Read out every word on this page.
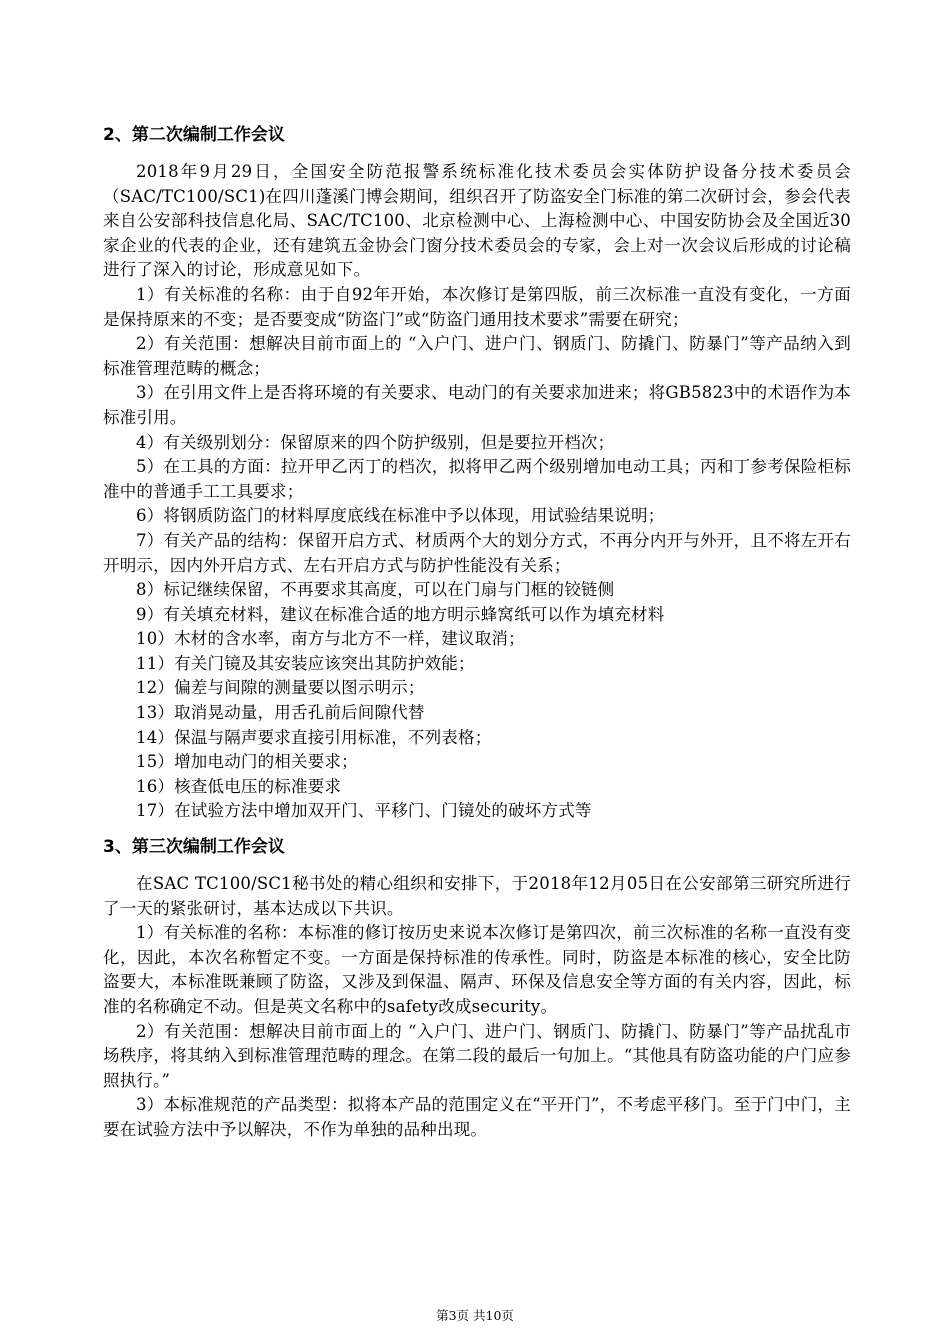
2、第二次编制工作会议

2018年9月29日，全国安全防范报警系统标准化技术委员会实体防护设备分技术委员会（SAC/TC100/SC1)在四川蓬溪门博会期间，组织召开了防盗安全门标准的第二次研讨会，参会代表来自公安部科技信息化局、SAC/TC100、北京检测中心、上海检测中心、中国安防协会及全国近30家企业的代表的企业，还有建筑五金协会门窗分技术委员会的专家，会上对一次会议后形成的讨论稿进行了深入的讨论，形成意见如下。

1）有关标准的名称：由于自92年开始，本次修订是第四版，前三次标准一直没有变化，一方面是保持原来的不变；是否要变成“防盗门”或“防盗门通用技术要求”需要在研究；

2）有关范围：想解决目前市面上的 “入户门、进户门、钢质门、防撬门、防暴门”等产品纳入到标准管理范畴的概念；

3）在引用文件上是否将环境的有关要求、电动门的有关要求加进来；将GB5823中的术语作为本标准引用。

4）有关级别划分：保留原来的四个防护级别，但是要拉开档次；

5）在工具的方面：拉开甲乙丙丁的档次，拟将甲乙两个级别增加电动工具；丙和丁参考保险柜标准中的普通手工工具要求；

6）将钢质防盗门的材料厚度底线在标准中予以体现，用试验结果说明；

7）有关产品的结构：保留开启方式、材质两个大的划分方式，不再分内开与外开，且不将左开右开明示，因内外开启方式、左右开启方式与防护性能没有关系；

8）标记继续保留，不再要求其高度，可以在门扇与门框的铰链侧

9）有关填充材料，建议在标准合适的地方明示蜂窝纸可以作为填充材料

10）木材的含水率，南方与北方不一样，建议取消；

11）有关门镜及其安装应该突出其防护效能；

12）偏差与间隙的测量要以图示明示；

13）取消晃动量，用舌孔前后间隙代替

14）保温与隔声要求直接引用标准，不列表格；

15）增加电动门的相关要求；

16）核查低电压的标准要求

17）在试验方法中增加双开门、平移门、门镜处的破坏方式等

3、第三次编制工作会议

在SAC TC100/SC1秘书处的精心组织和安排下，于2018年12月05日在公安部第三研究所进行了一天的紧张研讨，基本达成以下共识。

1）有关标准的名称：本标准的修订按历史来说本次修订是第四次，前三次标准的名称一直没有变化，因此，本次名称暂定不变。一方面是保持标准的传承性。同时，防盗是本标准的核心，安全比防盗要大，本标准既兼顾了防盗，又涉及到保温、隔声、环保及信息安全等方面的有关内容，因此，标准的名称确定不动。但是英文名称中的safety改成security。

2）有关范围：想解决目前市面上的 “入户门、进户门、钢质门、防撬门、防暴门”等产品扰乱市场秩序，将其纳入到标准管理范畴的理念。在第二段的最后一句加上。“其他具有防盗功能的户门应参照执行。”

3）本标准规范的产品类型：拟将本产品的范围定义在“平开门”，不考虑平移门。至于门中门，主要在试验方法中予以解决，不作为单独的品种出现。

第3页 共10页
